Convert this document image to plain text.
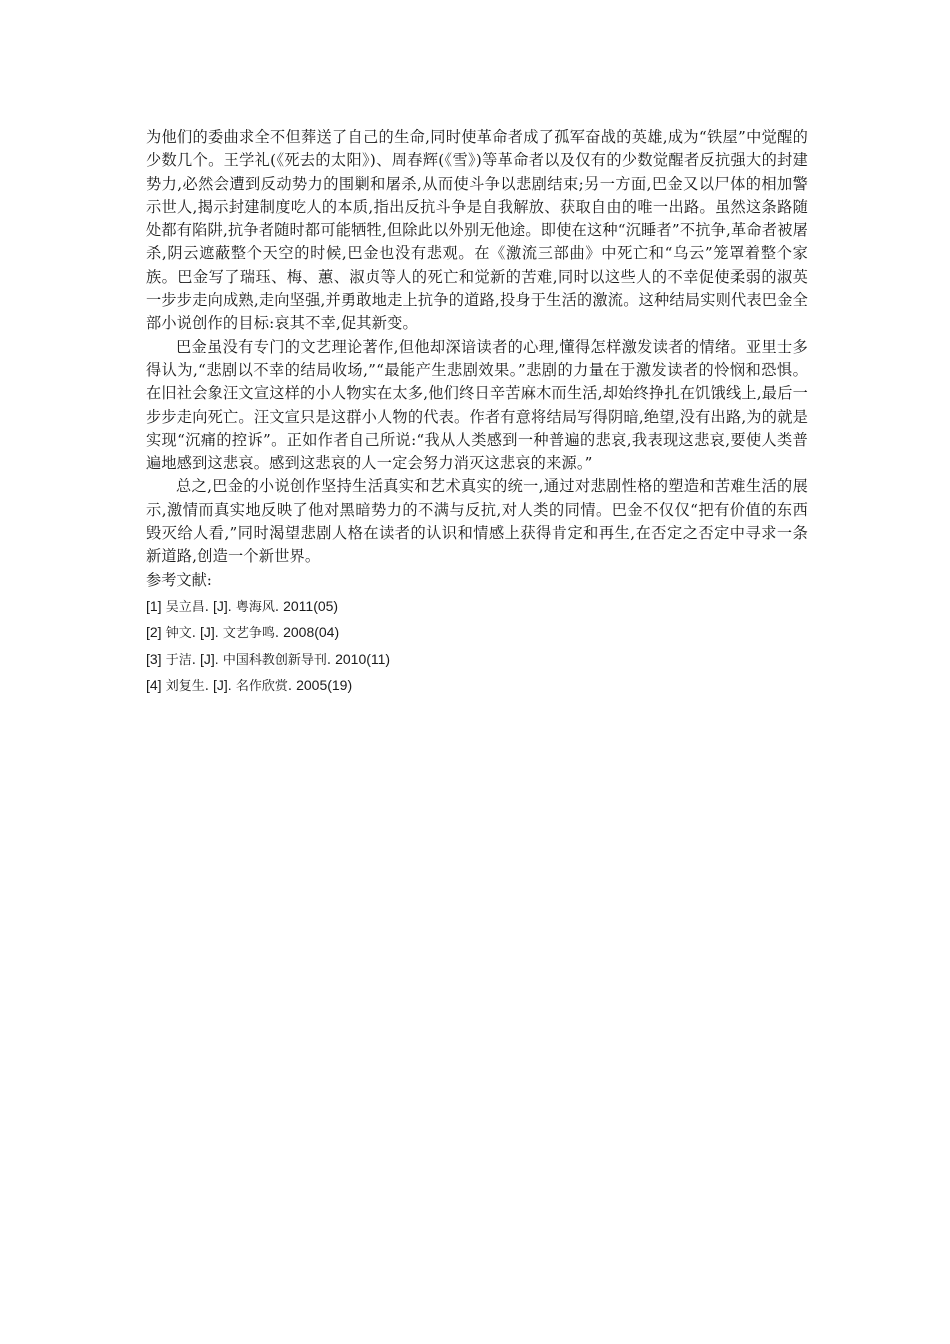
为他们的委曲求全不但葬送了自己的生命,同时使革命者成了孤军奋战的英雄,成为“铁屋”中觉醒的少数几个。王学礼(《死去的太阳》)、周春辉(《雪》)等革命者以及仅有的少数觉醒者反抗强大的封建势力,必然会遭到反动势力的围剿和屠杀,从而使斗争以悲剧结束;另一方面,巴金又以尸体的相加警示世人,揭示封建制度吃人的本质,指出反抗斗争是自我解放、获取自由的唯一出路。虽然这条路随处都有陷阱,抗争者随时都可能牺牲,但除此以外别无他途。即使在这种“沉睡者”不抗争,革命者被屠杀,阴云遮蔽整个天空的时候,巴金也没有悲观。在《激流三部曲》中死亡和“乌云”笼罩着整个家族。巴金写了瑞珏、梅、蕙、淑贞等人的死亡和觉新的苦难,同时以这些人的不幸促使柔弱的淑英一步步走向成熟,走向坚强,并勇敢地走上抗争的道路,投身于生活的激流。这种结局实则代表巴金全部小说创作的目标:哀其不幸,促其新变。

巴金虽没有专门的文艺理论著作,但他却深谙读者的心理,懂得怎样激发读者的情绪。亚里士多得认为,“悲剧以不幸的结局收场,”“最能产生悲剧效果。”悲剧的力量在于激发读者的怜悯和恐惧。在旧社会象汪文宣这样的小人物实在太多,他们终日辛苦麻木而生活,却始终挣扎在饥饿线上,最后一步步走向死亡。汪文宣只是这群小人物的代表。作者有意将结局写得阴暗,绝望,没有出路,为的就是实现“沉痛的控诉”。正如作者自己所说:“我从人类感到一种普遍的悲哀,我表现这悲哀,要使人类普遍地感到这悲哀。感到这悲哀的人一定会努力消灭这悲哀的来源。”

总之,巴金的小说创作坚持生活真实和艺术真实的统一,通过对悲剧性格的塑造和苦难生活的展示,激情而真实地反映了他对黑暗势力的不满与反抗,对人类的同情。巴金不仅仅“把有价值的东西毁灭给人看,”同时渴望悲剧人格在读者的认识和情感上获得肯定和再生,在否定之否定中寻求一条新道路,创造一个新世界。

参考文献:

[1] 吴立昌. [J]. 粤海风. 2011(05)
[2] 钟文. [J]. 文艺争鸣. 2008(04)
[3] 于洁. [J]. 中国科教创新导刊. 2010(11)
[4] 刘复生. [J]. 名作欣赏. 2005(19)
